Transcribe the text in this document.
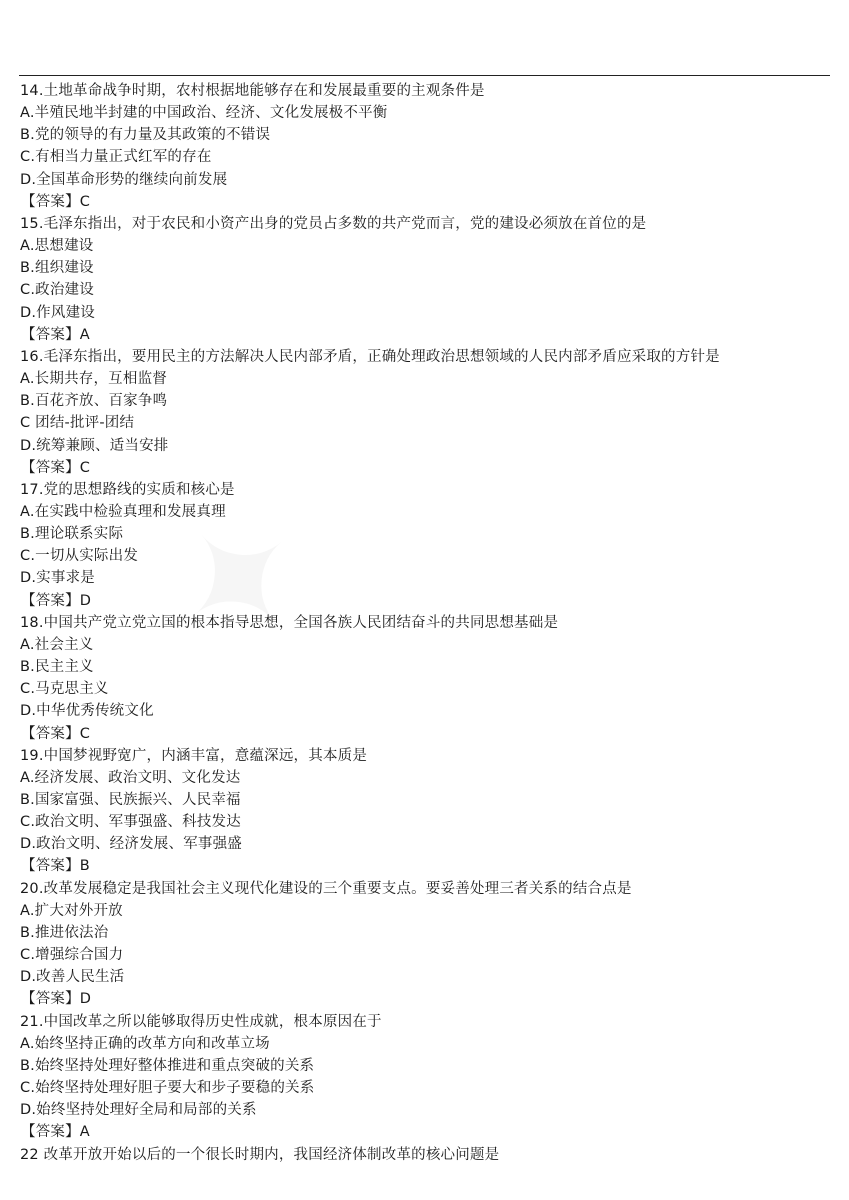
14.土地革命战争时期，农村根据地能够存在和发展最重要的主观条件是
A.半殖民地半封建的中国政治、经济、文化发展极不平衡
B.党的领导的有力量及其政策的不错误
C.有相当力量正式红军的存在
D.全国革命形势的继续向前发展
【答案】C
15.毛泽东指出，对于农民和小资产出身的党员占多数的共产党而言，党的建设必须放在首位的是
A.思想建设
B.组织建设
C.政治建设
D.作风建设
【答案】A
16.毛泽东指出，要用民主的方法解决人民内部矛盾，正确处理政治思想领域的人民内部矛盾应采取的方针是
A.长期共存，互相监督
B.百花齐放、百家争鸣
C 团结-批评-团结
D.统筹兼顾、适当安排
【答案】C
17.党的思想路线的实质和核心是
A.在实践中检验真理和发展真理
B.理论联系实际
C.一切从实际出发
D.实事求是
【答案】D
18.中国共产党立党立国的根本指导思想，全国各族人民团结奋斗的共同思想基础是
A.社会主义
B.民主主义
C.马克思主义
D.中华优秀传统文化
【答案】C
19.中国梦视野宽广，内涵丰富，意蕴深远，其本质是
A.经济发展、政治文明、文化发达
B.国家富强、民族振兴、人民幸福
C.政治文明、军事强盛、科技发达
D.政治文明、经济发展、军事强盛
【答案】B
20.改革发展稳定是我国社会主义现代化建设的三个重要支点。要妥善处理三者关系的结合点是
A.扩大对外开放
B.推进依法治
C.增强综合国力
D.改善人民生活
【答案】D
21.中国改革之所以能够取得历史性成就，根本原因在于
A.始终坚持正确的改革方向和改革立场
B.始终坚持处理好整体推进和重点突破的关系
C.始终坚持处理好胆子要大和步子要稳的关系
D.始终坚持处理好全局和局部的关系
【答案】A
22 改革开放开始以后的一个很长时期内，我国经济体制改革的核心问题是
